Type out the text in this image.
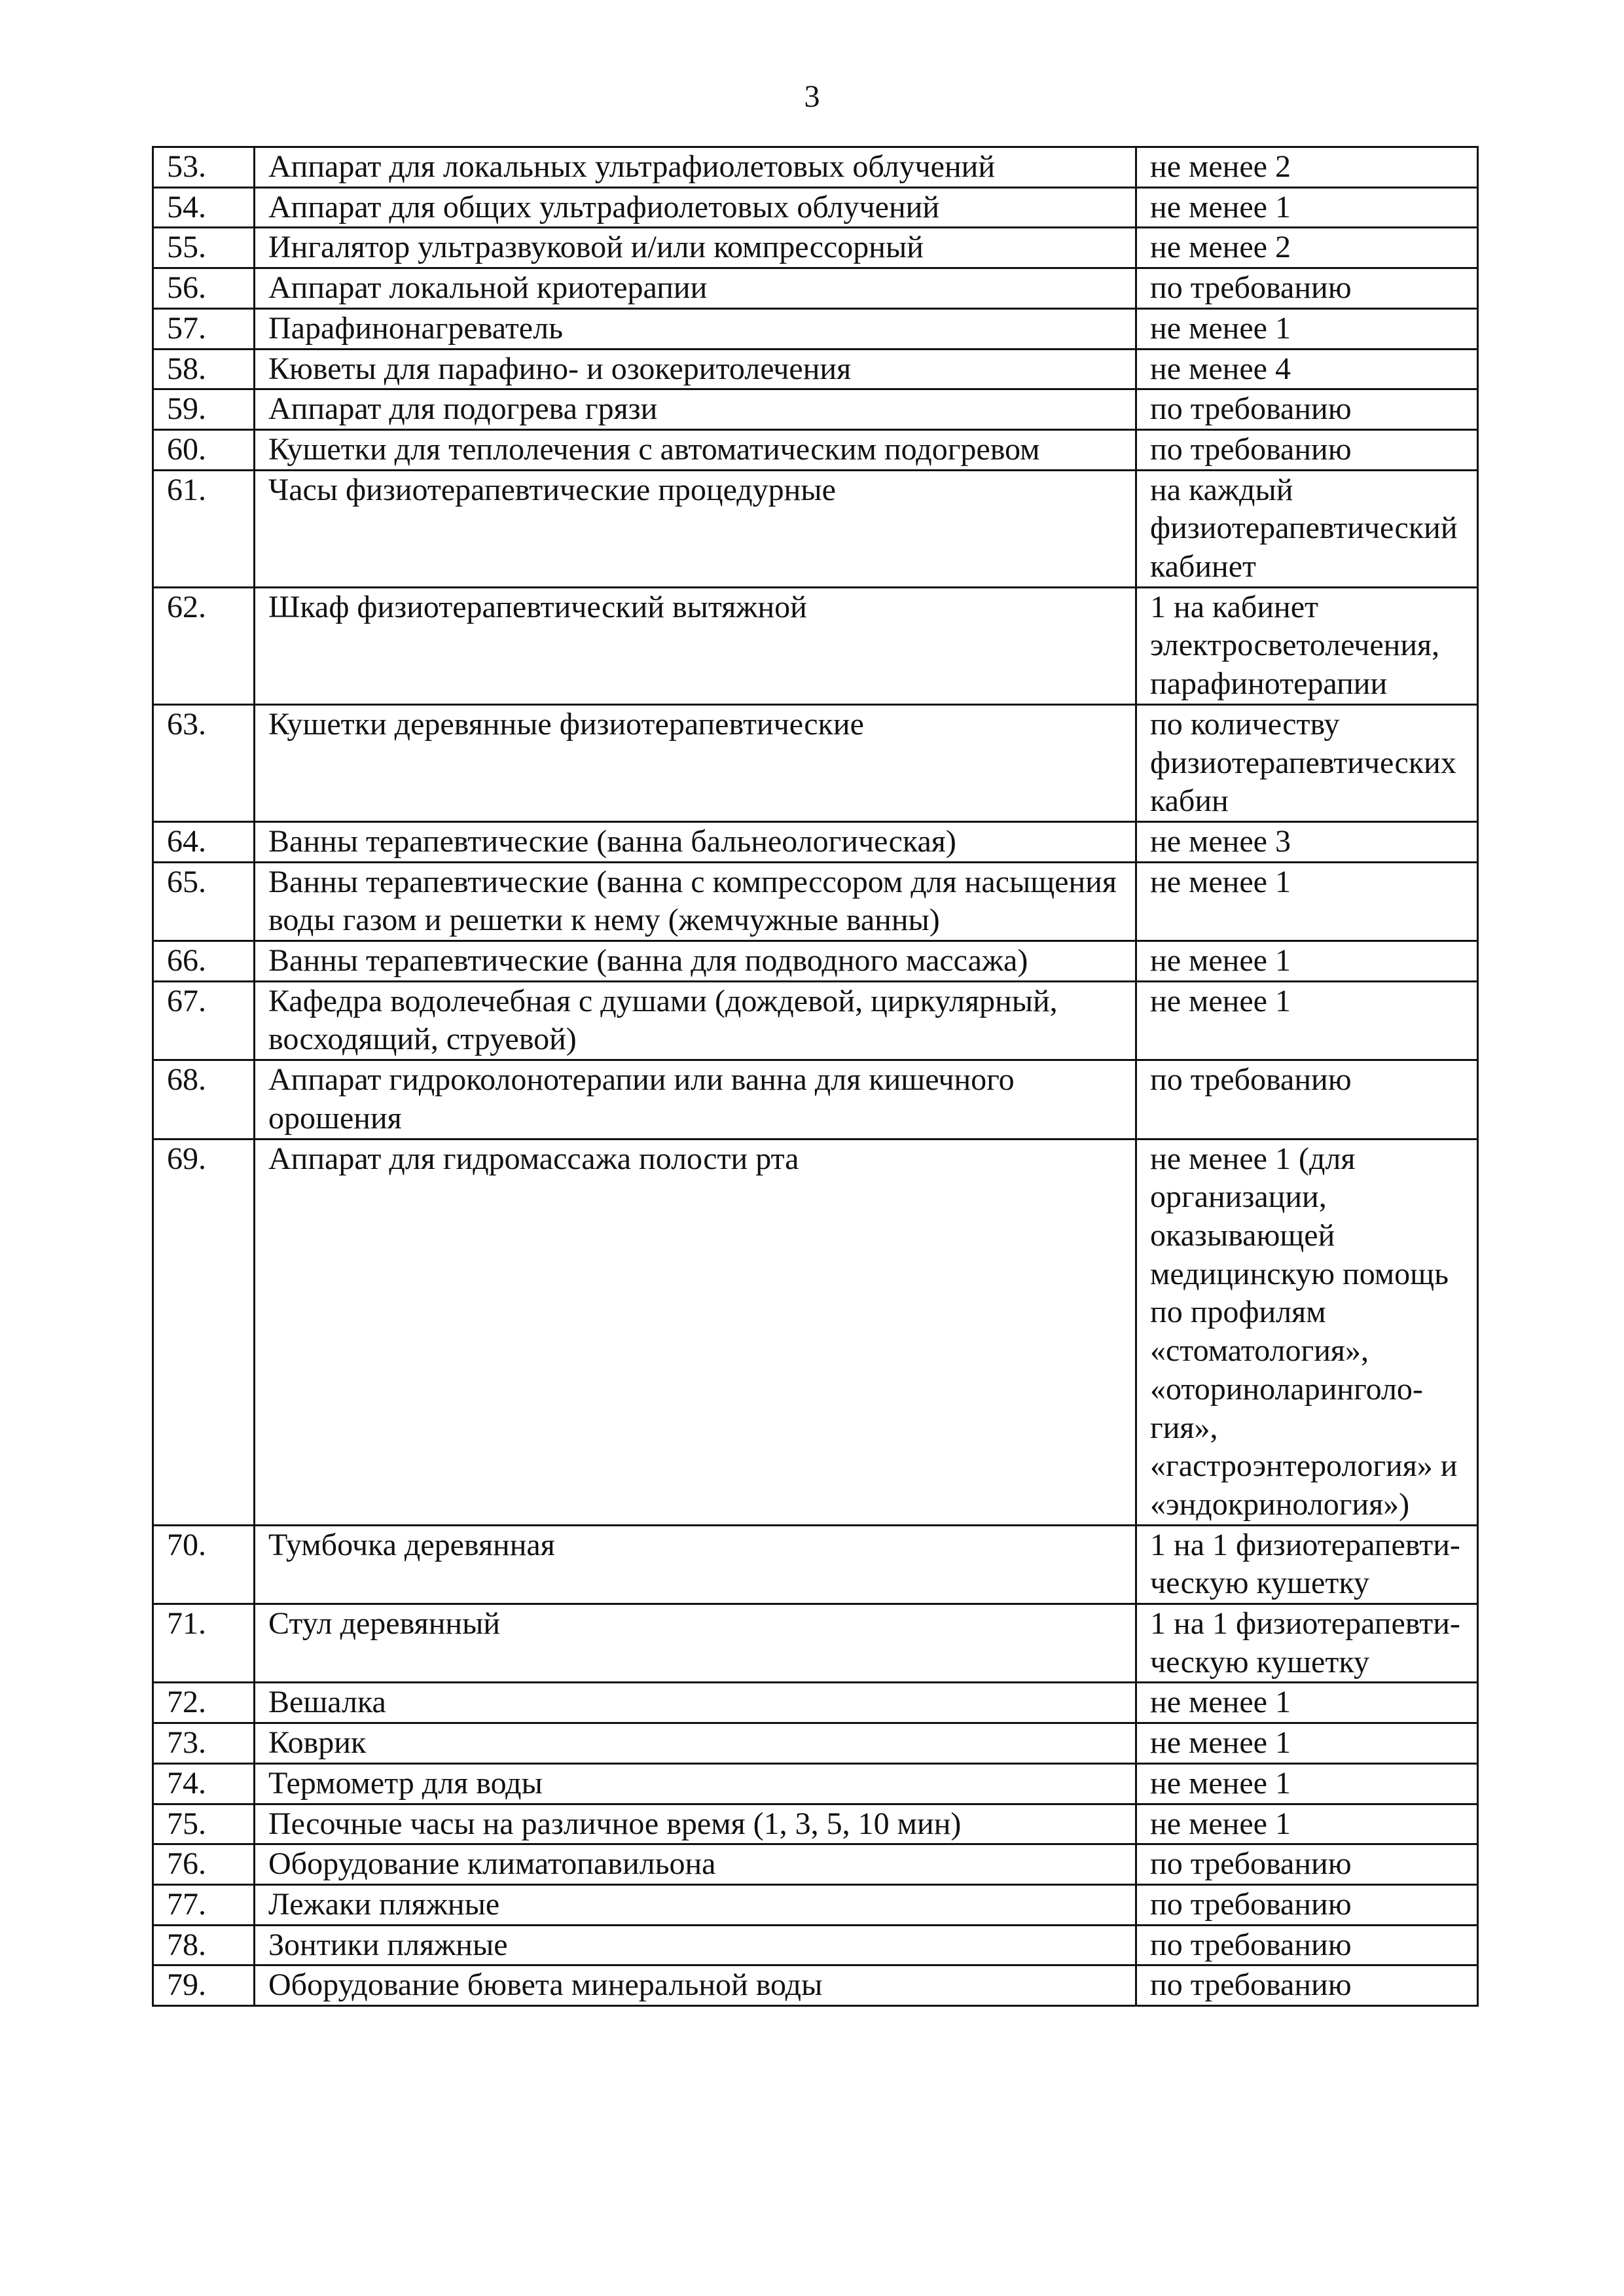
3
53.	Аппарат для локальных ультрафиолетовых облучений	не менее 2
54.	Аппарат для общих ультрафиолетовых облучений	не менее 1
55.	Ингалятор ультразвуковой и/или компрессорный	не менее 2
56.	Аппарат локальной криотерапии	по требованию
57.	Парафинонагреватель	не менее 1
58.	Кюветы для парафино- и озокеритолечения	не менее 4
59.	Аппарат для подогрева грязи	по требованию
60.	Кушетки для теплолечения с автоматическим подогревом	по требованию
61.	Часы физиотерапевтические процедурные	на каждый физиотерапевтический кабинет
62.	Шкаф физиотерапевтический вытяжной	1 на кабинет электросветолечения, парафинотерапии
63.	Кушетки деревянные физиотерапевтические	по количеству физиотерапевтических кабин
64.	Ванны терапевтические (ванна бальнеологическая)	не менее 3
65.	Ванны терапевтические (ванна с компрессором для насыщения воды газом и решетки к нему (жемчужные ванны)	не менее 1
66.	Ванны терапевтические (ванна для подводного массажа)	не менее 1
67.	Кафедра водолечебная с душами (дождевой, циркулярный, восходящий, струевой)	не менее 1
68.	Аппарат гидроколонотерапии или ванна для кишечного орошения	по требованию
69.	Аппарат для гидромассажа полости рта	не менее 1 (для организации, оказывающей медицинскую помощь по профилям «стоматология», «оториноларинголо-гия», «гастроэнтерология» и «эндокринология»)
70.	Тумбочка деревянная	1 на 1 физиотерапевти-ческую кушетку
71.	Стул деревянный	1 на 1 физиотерапевти-ческую кушетку
72.	Вешалка	не менее 1
73.	Коврик	не менее 1
74.	Термометр для воды	не менее 1
75.	Песочные часы на различное время (1, 3, 5, 10 мин)	не менее 1
76.	Оборудование климатопавильона	по требованию
77.	Лежаки пляжные	по требованию
78.	Зонтики пляжные	по требованию
79.	Оборудование бювета минеральной воды	по требованию
